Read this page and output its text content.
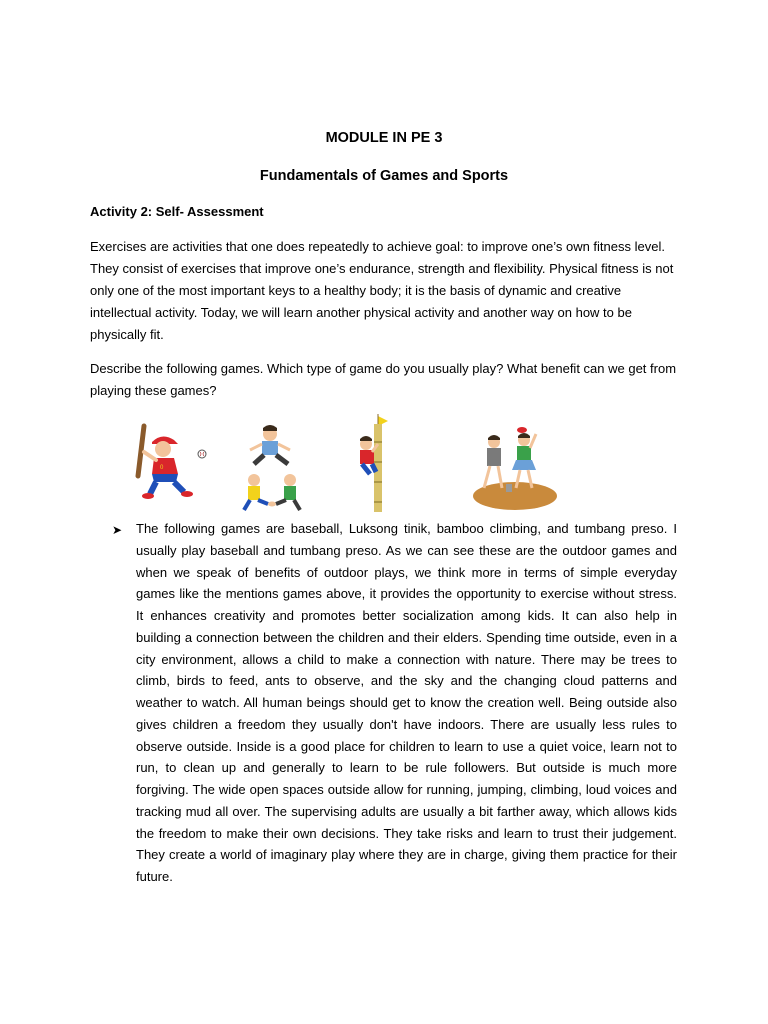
MODULE IN PE 3
Fundamentals of Games and Sports
Activity 2: Self- Assessment

Exercises are activities that one does repeatedly to achieve goal: to improve one’s own fitness level. They consist of exercises that improve one’s endurance, strength and flexibility. Physical fitness is not only one of the most important keys to a healthy body; it is the basis of dynamic and creative intellectual activity. Today, we will learn another physical activity and another way on how to be physically fit.

Describe the following games. Which type of game do you usually play? What benefit can we get from playing these games?

0
➤ The following games are baseball, Luksong tinik, bamboo climbing, and tumbang preso. I usually play baseball and tumbang preso. As we can see these are the outdoor games and when we speak of benefits of outdoor plays, we think more in terms of simple everyday games like the mentions games above, it provides the opportunity to exercise without stress. It enhances creativity and promotes better socialization among kids. It can also help in building a connection between the children and their elders. Spending time outside, even in a city environment, allows a child to make a connection with nature. There may be trees to climb, birds to feed, ants to observe, and the sky and the changing cloud patterns and weather to watch. All human beings should get to know the creation well. Being outside also gives children a freedom they usually don't have indoors. There are usually less rules to observe outside. Inside is a good place for children to learn to use a quiet voice, learn not to run, to clean up and generally to learn to be rule followers. But outside is much more forgiving. The wide open spaces outside allow for running, jumping, climbing, loud voices and tracking mud all over. The supervising adults are usually a bit farther away, which allows kids the freedom to make their own decisions. They take risks and learn to trust their judgement. They create a world of imaginary play where they are in charge, giving them practice for their future.
